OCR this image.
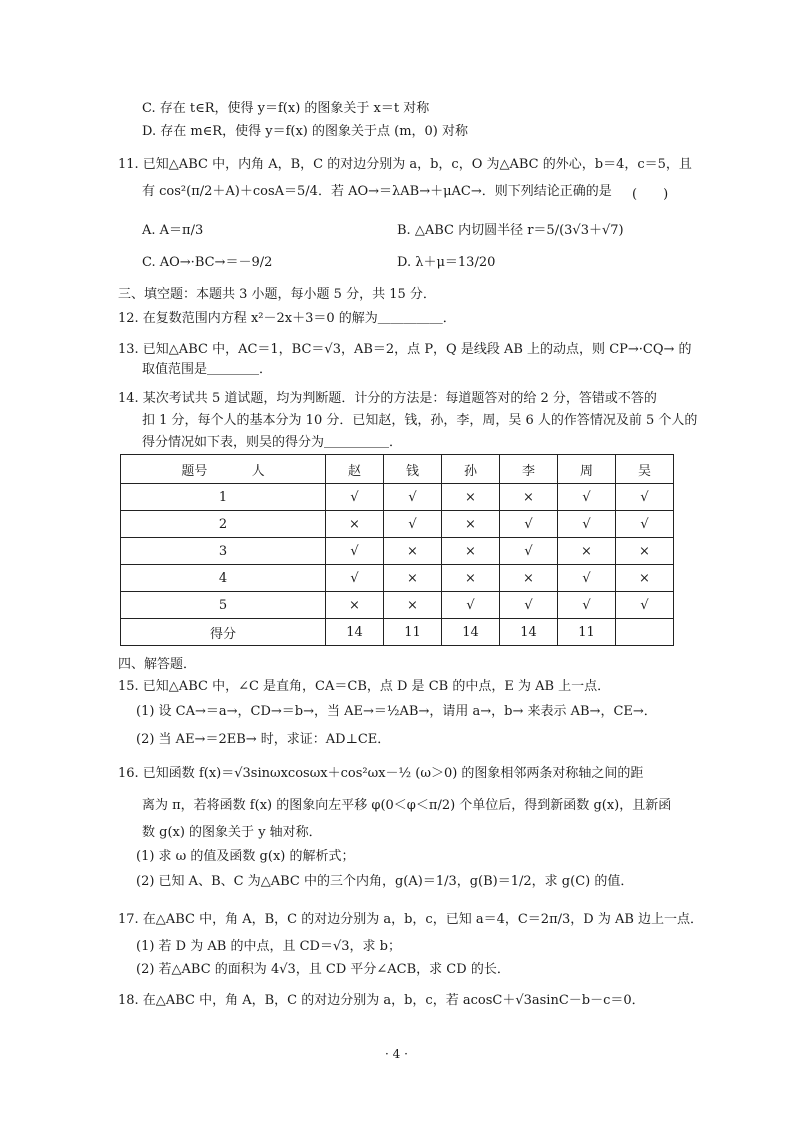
C. 存在 t∈R，使得 y＝f(x) 的图象关于 x＝t 对称
D. 存在 m∈R，使得 y＝f(x) 的图象关于点 (m，0) 对称
11. 已知△ABC 中，内角 A，B，C 的对边分别为 a，b，c，O 为△ABC 的外心，b＝4，c＝5，且
有 cos²(π/2＋A)＋cosA＝5/4．若 AO→＝λAB→＋μAC→．则下列结论正确的是 (　　)
A. A＝π/3	B. △ABC 内切圆半径 r＝5/(3√3＋√7)
C. AO→·BC→＝－9/2	D. λ＋μ＝13/20
三、填空题：本题共 3 小题，每小题 5 分，共 15 分．
12. 在复数范围内方程 x²－2x＋3＝0 的解为＿＿＿＿＿．
13. 已知△ABC 中，AC＝1，BC＝√3，AB＝2，点 P，Q 是线段 AB 上的动点，则 CP→·CQ→ 的
取值范围是＿＿＿＿．
14. 某次考试共 5 道试题，均为判断题．计分的方法是：每道题答对的给 2 分，答错或不答的
扣 1 分，每个人的基本分为 10 分．已知赵，钱，孙，李，周，吴 6 人的作答情况及前 5 个人的
得分情况如下表，则吴的得分为＿＿＿＿＿．
题号 人	赵	钱	孙	李	周	吴
1	√	√	×	×	√	√
2	×	√	×	√	√	√
3	√	×	×	√	×	×
4	√	×	×	×	√	×
5	×	×	√	√	√	√
得分	14	11	14	14	11	
四、解答题．
15. 已知△ABC 中，∠C 是直角，CA＝CB，点 D 是 CB 的中点，E 为 AB 上一点．
(1) 设 CA→＝a→，CD→＝b→，当 AE→＝½AB→，请用 a→，b→ 来表示 AB→，CE→．
(2) 当 AE→＝2EB→ 时，求证：AD⊥CE．
16. 已知函数 f(x)＝√3sinωxcosωx＋cos²ωx－½ (ω＞0) 的图象相邻两条对称轴之间的距
离为 π，若将函数 f(x) 的图象向左平移 φ(0＜φ＜π/2) 个单位后，得到新函数 g(x)，且新函
数 g(x) 的图象关于 y 轴对称．
(1) 求 ω 的值及函数 g(x) 的解析式；
(2) 已知 A、B、C 为△ABC 中的三个内角，g(A)＝1/3，g(B)＝1/2，求 g(C) 的值．
17. 在△ABC 中，角 A，B，C 的对边分别为 a，b，c，已知 a＝4，C＝2π/3，D 为 AB 边上一点．
(1) 若 D 为 AB 的中点，且 CD＝√3，求 b；
(2) 若△ABC 的面积为 4√3，且 CD 平分∠ACB，求 CD 的长．
18. 在△ABC 中，角 A，B，C 的对边分别为 a，b，c，若 acosC＋√3asinC－b－c＝0．
· 4 ·
